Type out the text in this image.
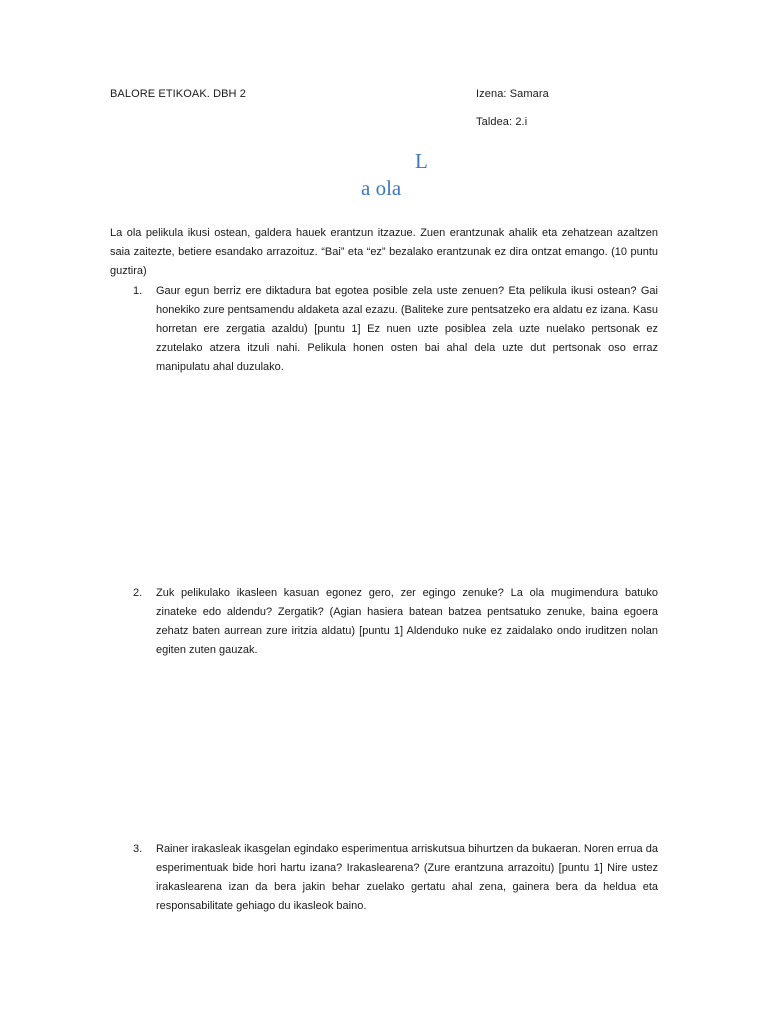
BALORE ETIKOAK. DBH 2	Izena: Samara
Taldea: 2.i
L
a ola

La ola pelikula ikusi ostean, galdera hauek erantzun itzazue. Zuen erantzunak ahalik eta zehatzean azaltzen saia zaitezte, betiere esandako arrazoituz. “Bai” eta “ez” bezalako erantzunak ez dira ontzat emango. (10 puntu guztira)

1. Gaur egun berriz ere diktadura bat egotea posible zela uste zenuen? Eta pelikula ikusi ostean? Gai honekiko zure pentsamendu aldaketa azal ezazu. (Baliteke zure pentsatzeko era aldatu ez izana. Kasu horretan ere zergatia azaldu) [puntu 1] Ez nuen uzte posiblea zela uzte nuelako pertsonak ez zzutelako atzera itzuli nahi. Pelikula honen osten bai ahal dela uzte dut pertsonak oso erraz manipulatu ahal duzulako.

2. Zuk pelikulako ikasleen kasuan egonez gero, zer egingo zenuke? La ola mugimendura batuko zinateke edo aldendu? Zergatik? (Agian hasiera batean batzea pentsatuko zenuke, baina egoera zehatz baten aurrean zure iritzia aldatu) [puntu 1] Aldenduko nuke ez zaidalako ondo iruditzen nolan egiten zuten gauzak.

3. Rainer irakasleak ikasgelan egindako esperimentua arriskutsua bihurtzen da bukaeran. Noren errua da esperimentuak bide hori hartu izana? Irakaslearena? (Zure erantzuna arrazoitu) [puntu 1] Nire ustez irakaslearena izan da bera jakin behar zuelako gertatu ahal zena, gainera bera da heldua eta responsabilitate gehiago du ikasleok baino.
